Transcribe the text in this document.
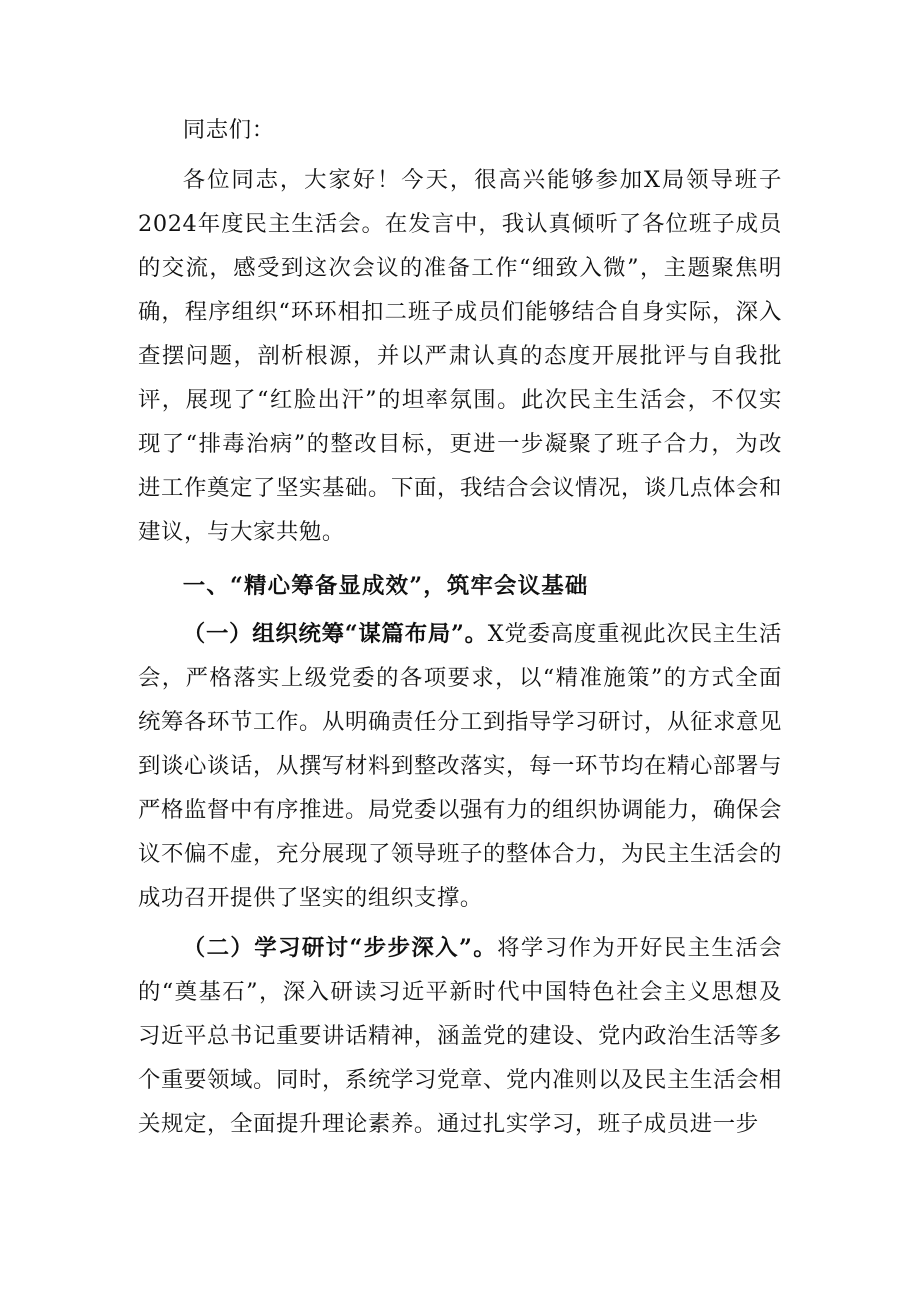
同志们：

各位同志，大家好！今天，很高兴能够参加X局领导班子2024年度民主生活会。在发言中，我认真倾听了各位班子成员的交流，感受到这次会议的准备工作“细致入微”，主题聚焦明确，程序组织“环环相扣二班子成员们能够结合自身实际，深入查摆问题，剖析根源，并以严肃认真的态度开展批评与自我批评，展现了“红脸出汗”的坦率氛围。此次民主生活会，不仅实现了“排毒治病”的整改目标，更进一步凝聚了班子合力，为改进工作奠定了坚实基础。下面，我结合会议情况，谈几点体会和建议，与大家共勉。

一、“精心筹备显成效”，筑牢会议基础

（一）组织统筹“谋篇布局”。X党委高度重视此次民主生活会，严格落实上级党委的各项要求，以“精准施策”的方式全面统筹各环节工作。从明确责任分工到指导学习研讨，从征求意见到谈心谈话，从撰写材料到整改落实，每一环节均在精心部署与严格监督中有序推进。局党委以强有力的组织协调能力，确保会议不偏不虚，充分展现了领导班子的整体合力，为民主生活会的成功召开提供了坚实的组织支撑。

（二）学习研讨“步步深入”。将学习作为开好民主生活会的“奠基石”，深入研读习近平新时代中国特色社会主义思想及习近平总书记重要讲话精神，涵盖党的建设、党内政治生活等多个重要领域。同时，系统学习党章、党内准则以及民主生活会相关规定，全面提升理论素养。通过扎实学习，班子成员进一步
